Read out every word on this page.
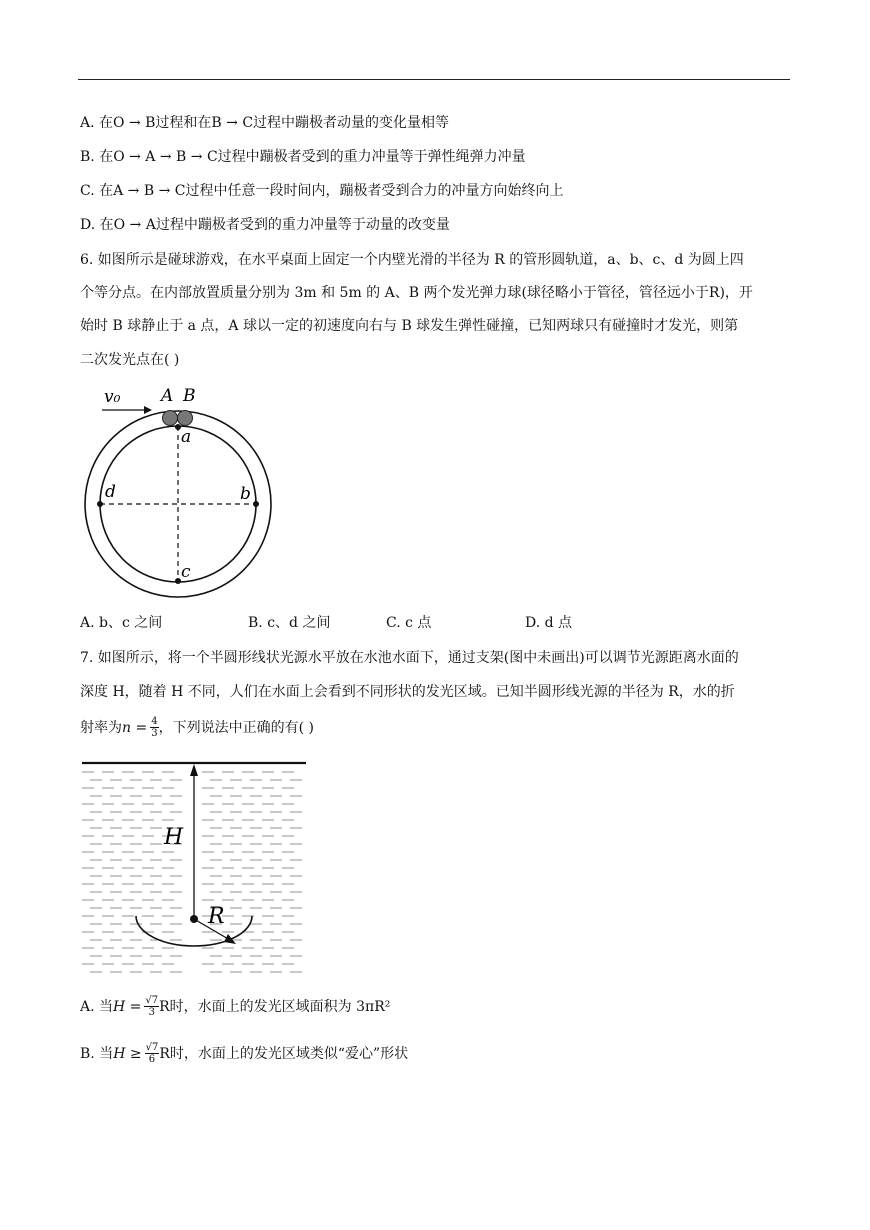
A. 在O → B过程和在B → C过程中蹦极者动量的变化量相等
B. 在O → A → B → C过程中蹦极者受到的重力冲量等于弹性绳弹力冲量
C. 在A → B → C过程中任意一段时间内，蹦极者受到合力的冲量方向始终向上
D. 在O → A过程中蹦极者受到的重力冲量等于动量的改变量
6. 如图所示是碰球游戏，在水平桌面上固定一个内壁光滑的半径为 R 的管形圆轨道，a、b、c、d 为圆上四
个等分点。在内部放置质量分别为 3m 和 5m 的 A、B 两个发光弹力球(球径略小于管径，管径远小于R)，开
始时 B 球静止于 a 点，A 球以一定的初速度向右与 B 球发生弹性碰撞，已知两球只有碰撞时才发光，则第
二次发光点在( )
v₀ A B
a
b
c
d
A. b、c 之间	B. c、d 之间	C. c 点	D. d 点
7. 如图所示，将一个半圆形线状光源水平放在水池水面下，通过支架(图中未画出)可以调节光源距离水面的
深度 H，随着 H 不同，人们在水面上会看到不同形状的发光区域。已知半圆形线光源的半径为 R，水的折
射率为 $n = \frac{4}{3}$ ，下列说法中正确的有( )
H
R
A. 当 $H = \frac{√7}{3}$ R时，水面上的发光区域面积为 3πR²
B. 当 $H \ge \frac{√7}{6}$ R时，水面上的发光区域类似“爱心”形状
